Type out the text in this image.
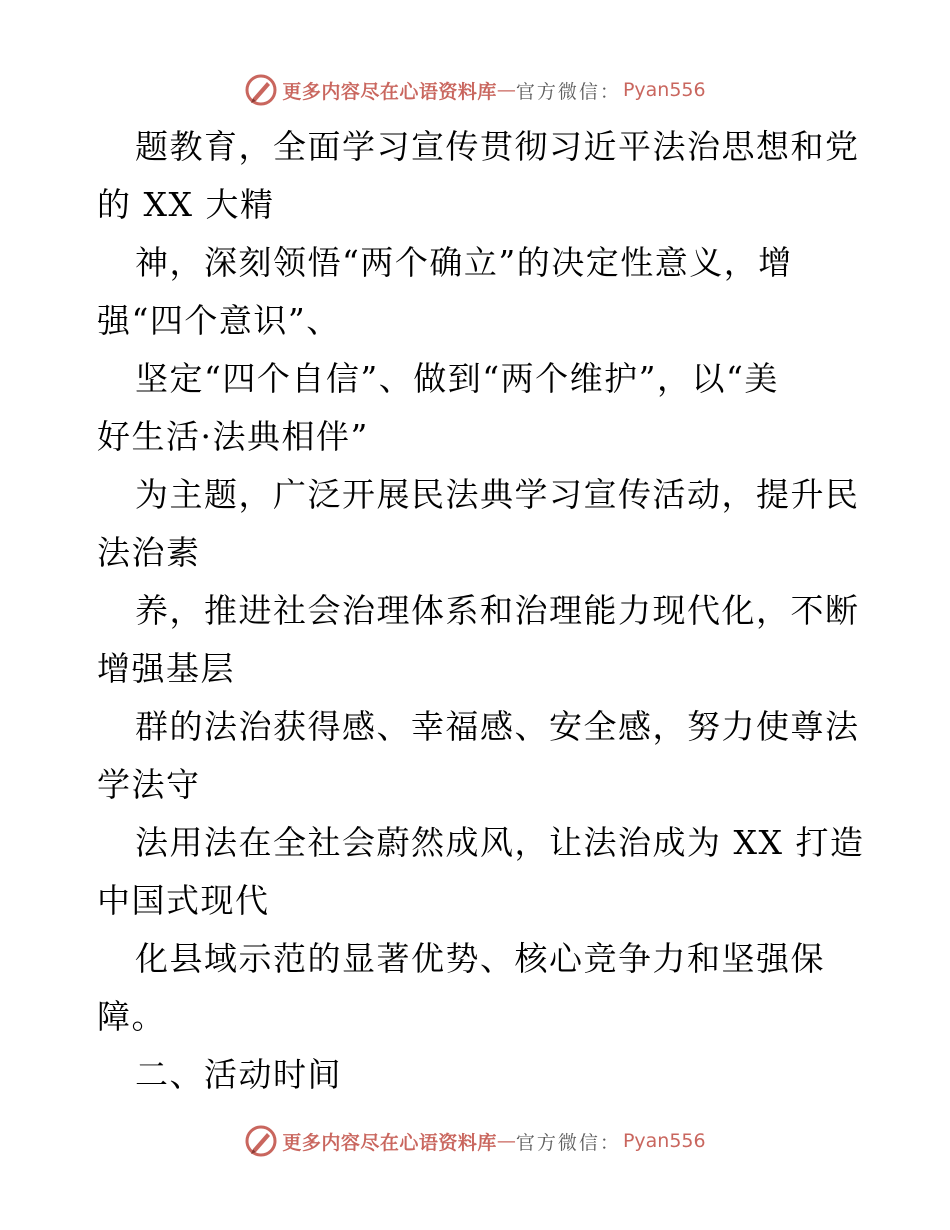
更多内容尽在心语资料库 — 官方微信： Pyan556
题教育，全面学习宣传贯彻习近平法治思想和党
的 XX 大精
神，深刻领悟“两个确立”的决定性意义，增
强“四个意识”、
坚定“四个自信”、做到“两个维护”，以“美
好生活·法典相伴”
为主题，广泛开展民法典学习宣传活动，提升民
法治素
养，推进社会治理体系和治理能力现代化，不断
增强基层
群的法治获得感、幸福感、安全感，努力使尊法
学法守
法用法在全社会蔚然成风，让法治成为 XX 打造
中国式现代
化县域示范的显著优势、核心竞争力和坚强保
障。
二、活动时间
更多内容尽在心语资料库 — 官方微信： Pyan556
